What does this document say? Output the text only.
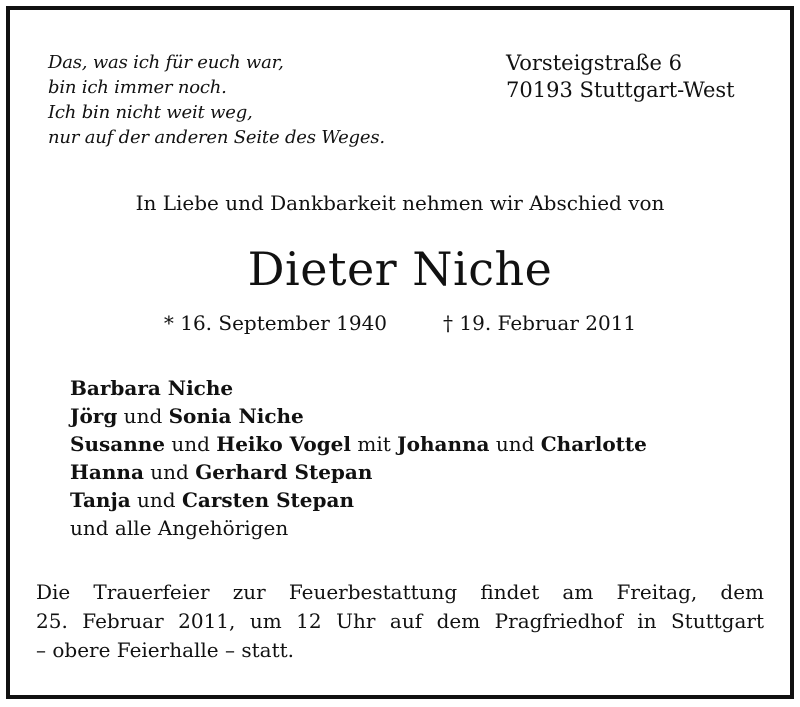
Das, was ich für euch war,
bin ich immer noch.
Ich bin nicht weit weg,
nur auf der anderen Seite des Weges.
Vorsteigstraße 6
70193 Stuttgart-West
In Liebe und Dankbarkeit nehmen wir Abschied von
Dieter Niche
* 16. September 1940	† 19. Februar 2011
Barbara Niche
Jörg und Sonia Niche
Susanne und Heiko Vogel mit Johanna und Charlotte
Hanna und Gerhard Stepan
Tanja und Carsten Stepan
und alle Angehörigen
Die Trauerfeier zur Feuerbestattung findet am Freitag, dem
25. Februar 2011, um 12 Uhr auf dem Pragfriedhof in Stuttgart
– obere Feierhalle – statt.
